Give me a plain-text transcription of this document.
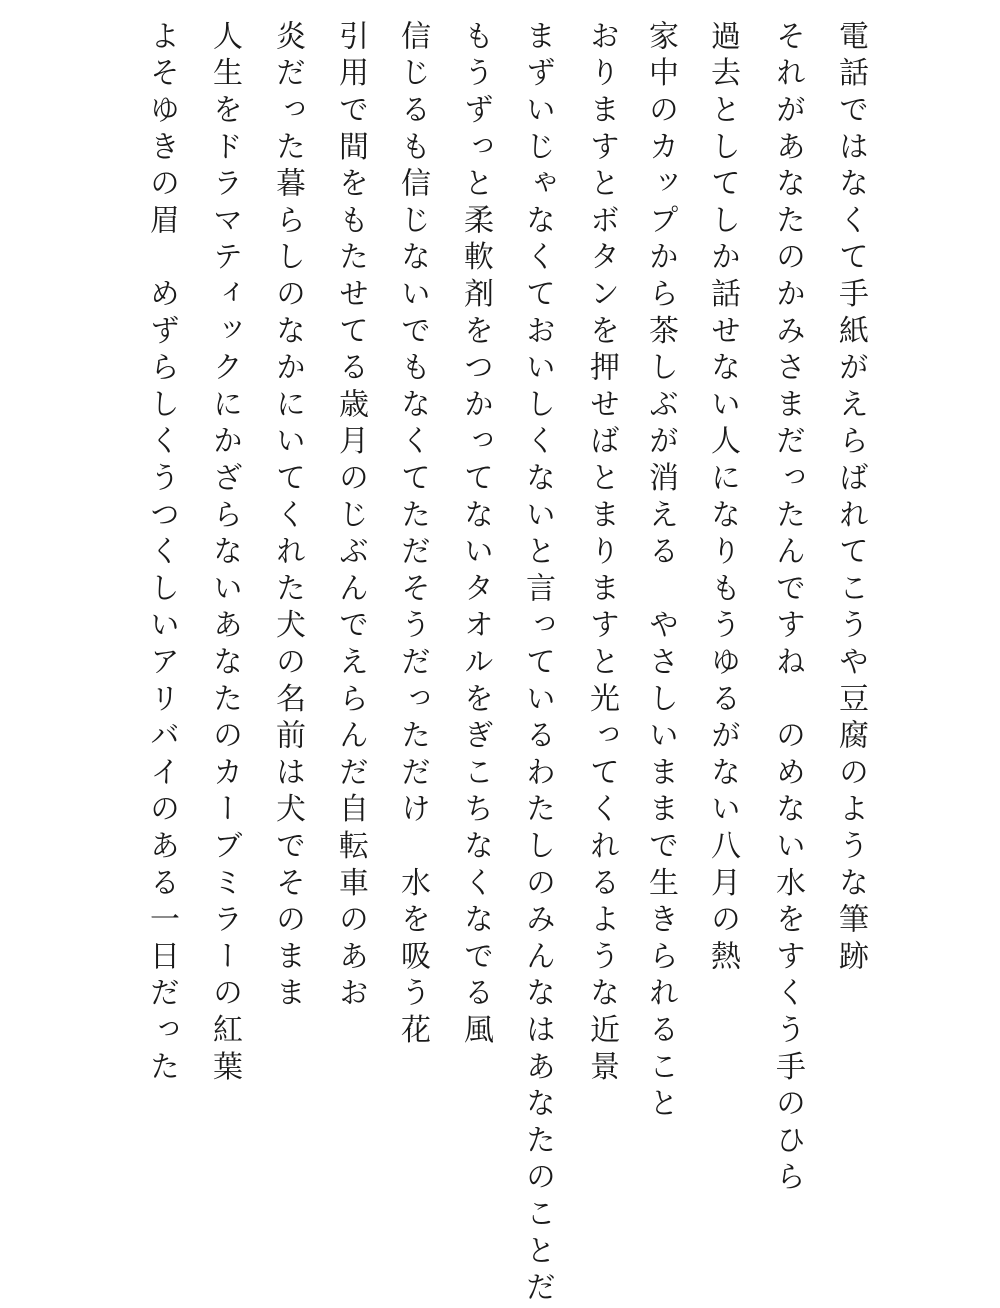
電話ではなくて手紙がえらばれてこうや豆腐のような筆跡
それがあなたのかみさまだったんですね　のめない水をすくう手のひら
過去としてしか話せない人になりもうゆるがない八月の熱
家中のカップから茶しぶが消える　やさしいままで生きられること
おりますとボタンを押せばとまりますと光ってくれるような近景
まずいじゃなくておいしくないと言っているわたしのみんなはあなたのことだ
もうずっと柔軟剤をつかってないタオルをぎこちなくなでる風
信じるも信じないでもなくてただそうだっただけ　水を吸う花
引用で間をもたせてる歳月のじぶんでえらんだ自転車のあお
炎だった暮らしのなかにいてくれた犬の名前は犬でそのまま
人生をドラマティックにかざらないあなたのカーブミラーの紅葉
よそゆきの眉　めずらしくうつくしいアリバイのある一日だった
